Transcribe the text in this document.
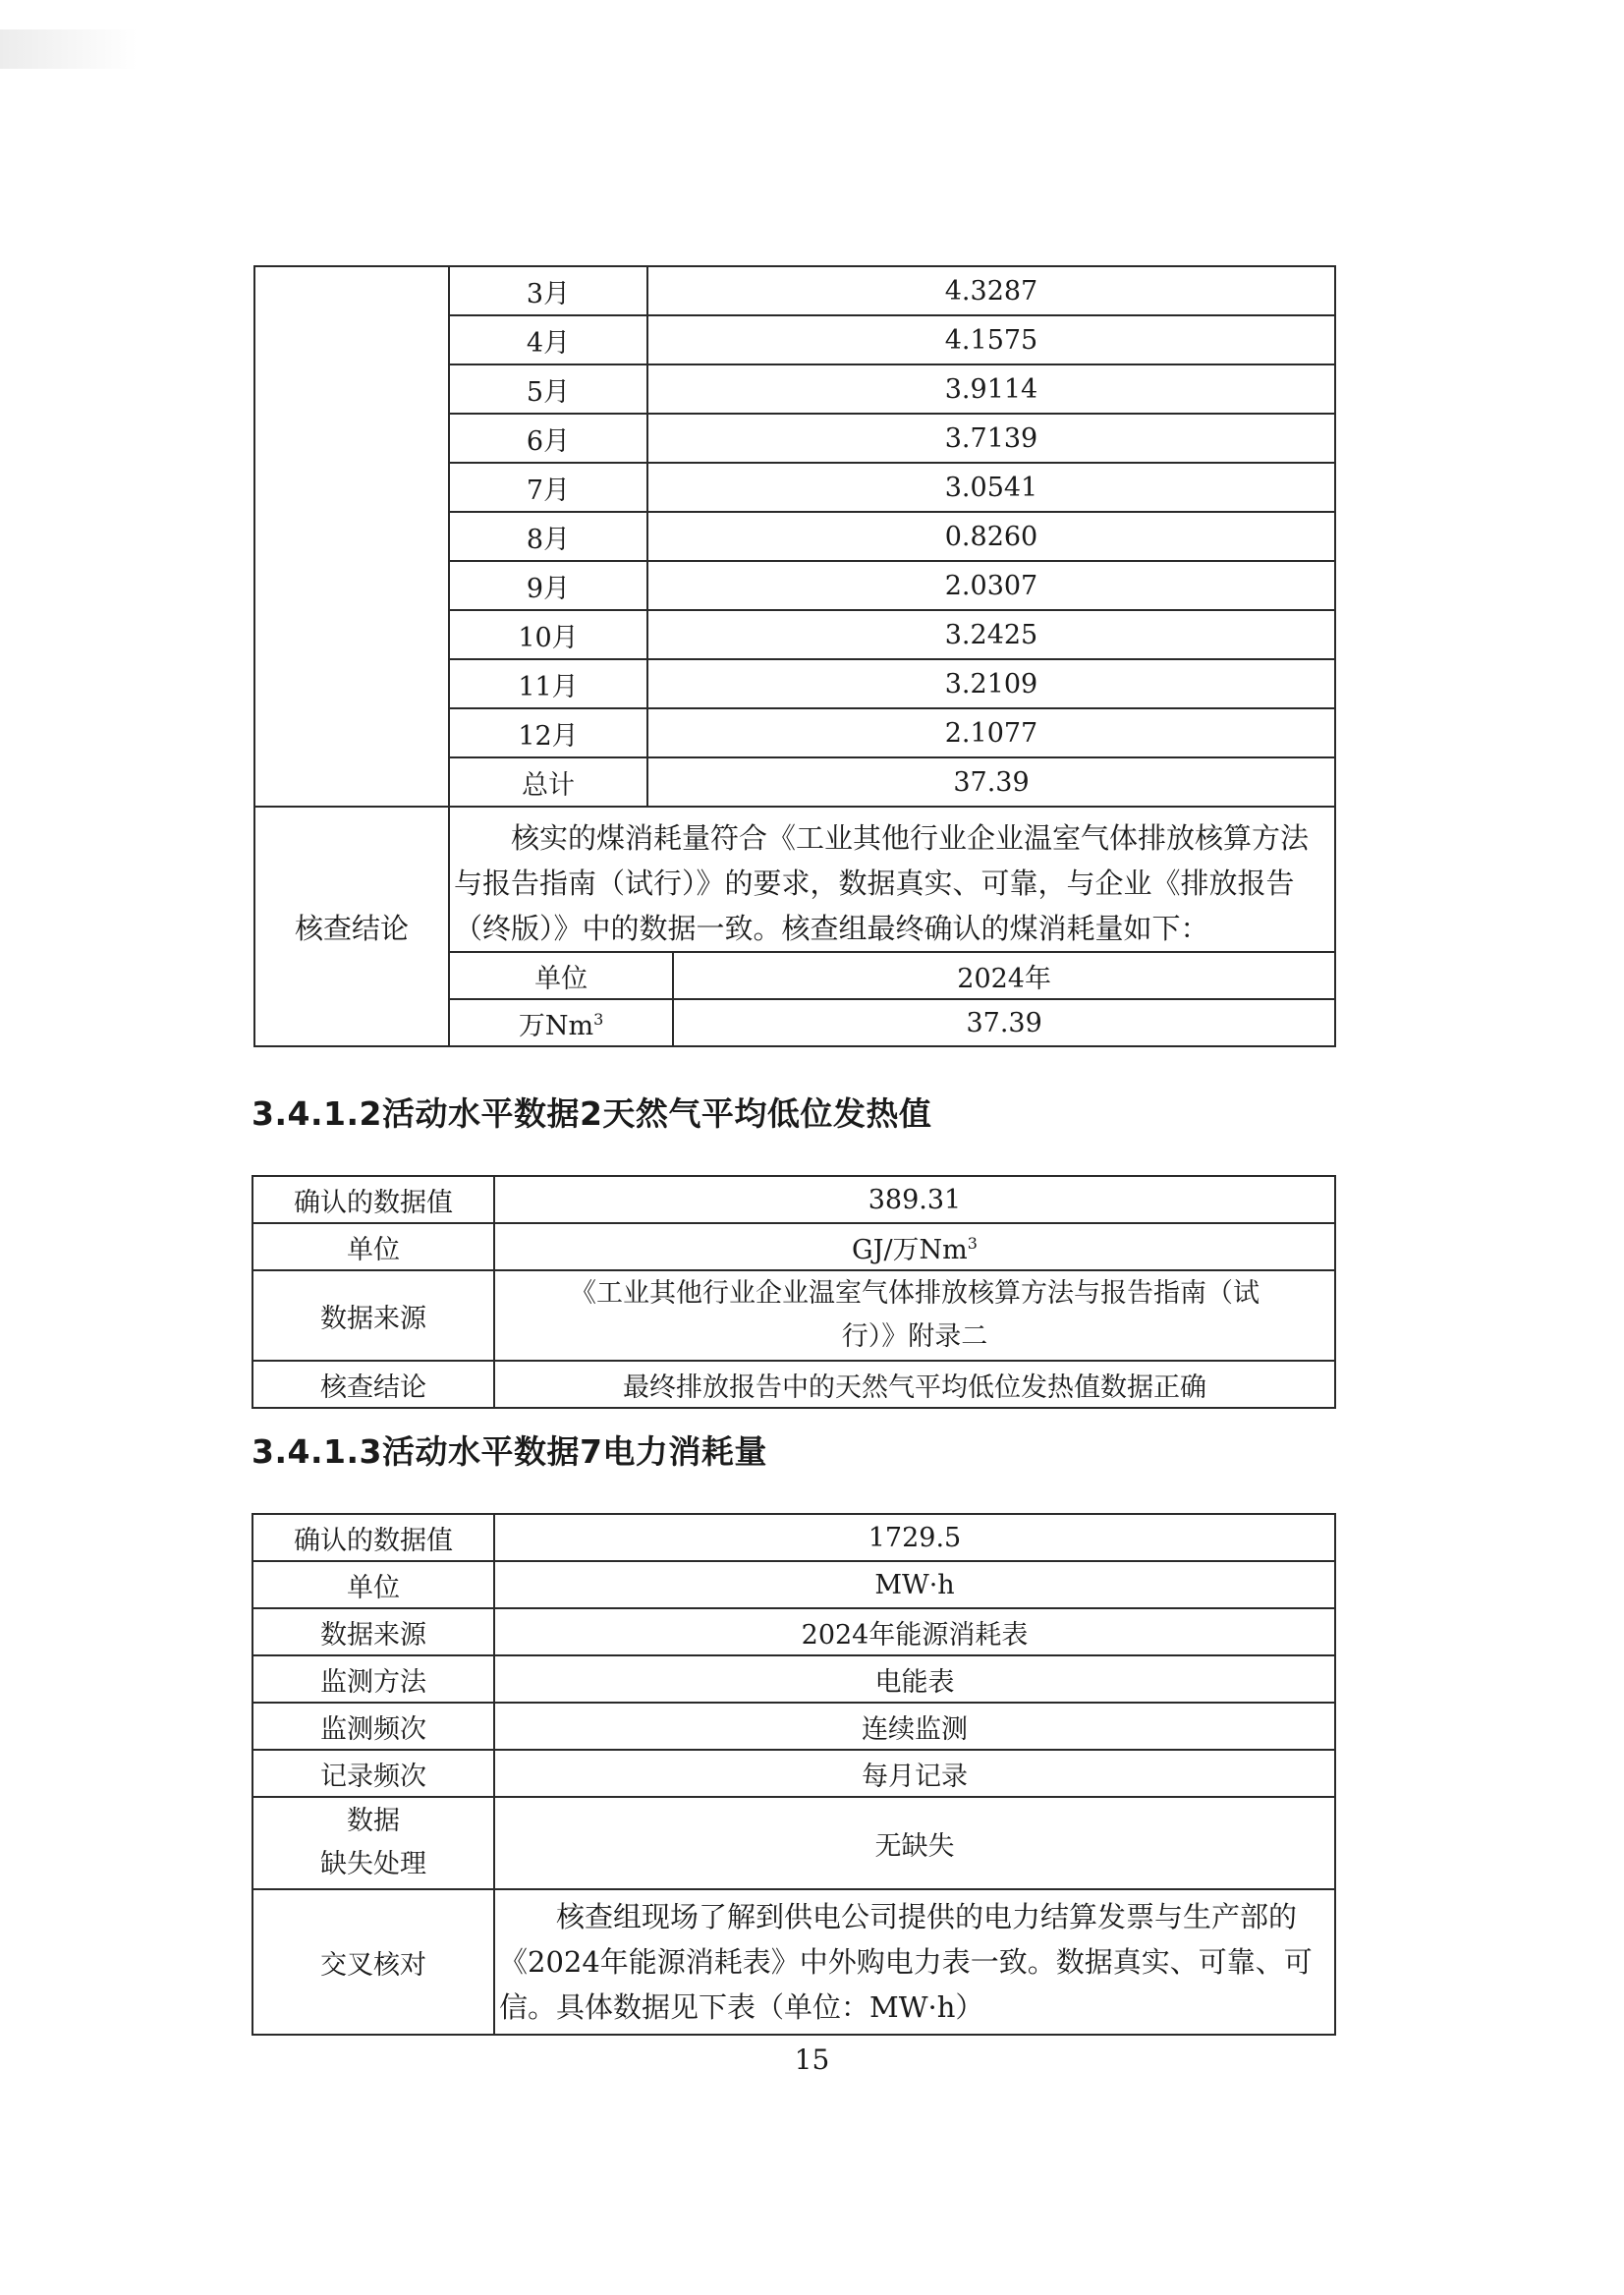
	3月	4.3287
4月	4.1575
5月	3.9114
6月	3.7139
7月	3.0541
8月	0.8260
9月	2.0307
10月	3.2425
11月	3.2109
12月	2.1077
总计	37.39
核查结论	
核实的煤消耗量符合《工业其他行业企业温室气体排放核算方法与报告指南（试行）》的要求，数据真实、可靠，与企业《排放报告（终版）》中的数据一致。核查组最终确认的煤消耗量如下：
单位	2024年
万Nm$^3$	37.39
3.4.1.2活动水平数据2天然气平均低位发热值
确认的数据值	389.31
单位	GJ/万Nm$^3$
数据来源	《工业其他行业企业温室气体排放核算方法与报告指南（试行）》附录二
核查结论	最终排放报告中的天然气平均低位发热值数据正确
3.4.1.3活动水平数据7电力消耗量
确认的数据值	1729.5
单位	MW·h
数据来源	2024年能源消耗表
监测方法	电能表
监测频次	连续监测
记录频次	每月记录

数据
缺失处理	无缺失
交叉核对	核查组现场了解到供电公司提供的电力结算发票与生产部的《2024年能源消耗表》中外购电力表一致。数据真实、可靠、可信。具体数据见下表（单位：MW·h）
15
